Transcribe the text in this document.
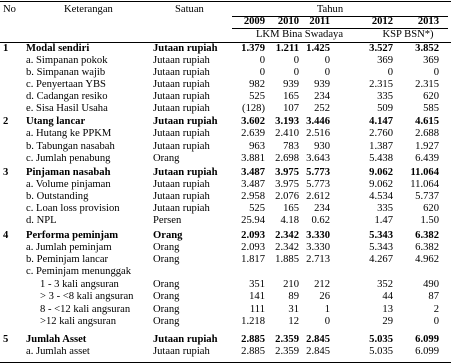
No	Keterangan	Satuan	Tahun
2009	2010 2011	2012	2013
LKM Bina Swadaya	KSP BSN*)
1 Modal sendiri	Jutaan rupiah	1.379	1.211 1.425	3.527	3.852
a. Simpanan pokok	Jutaan rupiah	0	0	0	369	369
b. Simpanan wajib	Jutaan rupiah	0	0	0	0	0
c. Penyertaan YBS	Jutaan rupiah	982	939	939	2.315	2.315
d. Cadangan resiko	Jutaan rupiah	525	165	234	335	620
e. Sisa Hasil Usaha	Jutaan rupiah	(128)	107	252	509	585
2 Utang lancar	Jutaan rupiah	3.602 3.193 3.446	4.147	4.615
a. Hutang ke PPKM	Jutaan rupiah	2.639 2.410 2.516	2.760	2.688
b. Tabungan nasabah	Jutaan rupiah	963	783	930	1.387	1.927
c. Jumlah penabung	Orang	3.881 2.698 3.643	5.438	6.439
3 Pinjaman nasabah	Jutaan rupiah	3.487 3.975 5.773	9.062	11.064
a. Volume pinjaman	Jutaan rupiah	3.487 3.975 5.773	9.062	11.064
b. Outstanding	Jutaan rupiah	2.958 2.076 2.612	4.534	5.737
c. Loan loss provision	Jutaan rupiah	525	165	234	335	620
d. NPL	Persen	25.94	4.18	0.62	1.47	1.50
4 Performa peminjam	Orang	2.093 2.342 3.330	5.343	6.382
a. Jumlah peminjam	Orang	2.093 2.342 3.330	5.343	6.382
b. Peminjam lancar	Orang	1.817 1.885 2.713	4.267	4.962
c. Peminjam menunggak
1 - 3 kali angsuran	Orang	351	210	212	352	490
> 3 - <8 kali angsuran Orang	141	89	26	44	87
8 - <12 kali angsuran Orang	111	31	1	13	2
>12 kali angsuran	Orang	1.218	12	0	29	0
5 Jumlah Asset	Jutaan rupiah	2.885 2.359 2.845	5.035	6.099
a. Jumlah asset	Jutaan rupiah	2.885 2.359 2.845	5.035	6.099
